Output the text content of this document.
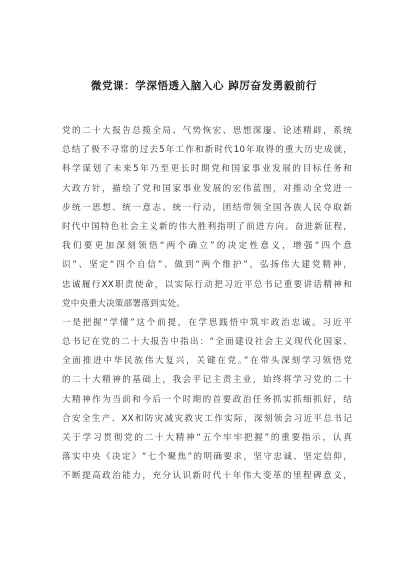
微党课：学深悟透入脑入心 踔厉奋发勇毅前行
党的二十大报告总揽全局、气势恢宏、思想深邃、论述精辟，系统
总结了极不寻常的过去5年工作和新时代10年取得的重大历史成就，
科学谋划了未来5年乃至更长时期党和国家事业发展的目标任务和
大政方针，描绘了党和国家事业发展的宏伟蓝图，对推动全党进一
步统一思想、统一意志、统一行动，团结带领全国各族人民夺取新
时代中国特色社会主义新的伟大胜利指明了前进方向。奋进新征程，
我们要更加深刻领悟“两个确立”的决定性意义，增强“四个意
识”、坚定“四个自信”、做到“两个维护”，弘扬伟大建党精神，
忠诚履行XX职责使命，以实际行动把习近平总书记重要讲话精神和
党中央重大决策部署落到实处。
一是把握“学懂”这个前提，在学思践悟中筑牢政治忠诚。习近平
总书记在党的二十大报告中指出：“全面建设社会主义现代化国家、
全面推进中华民族伟大复兴，关键在党。”在带头深刻学习领悟党
的二十大精神的基础上，我会平记主责主业，始终将学习党的二十
大精神作为当前和今后一个时期的首要政治任务抓实抓细抓好，结
合安全生产、XX和防灾减灾救灾工作实际，深刻领会习近平总书记
关于学习贯彻党的二十大精神“五个牢牢把握”的重要指示，认真
落实中央《决定》“七个聚焦”的明确要求，坚守忠诚、坚定信仰，
不断提高政治能力，充分认识新时代十年伟大变革的里程碑意义，
